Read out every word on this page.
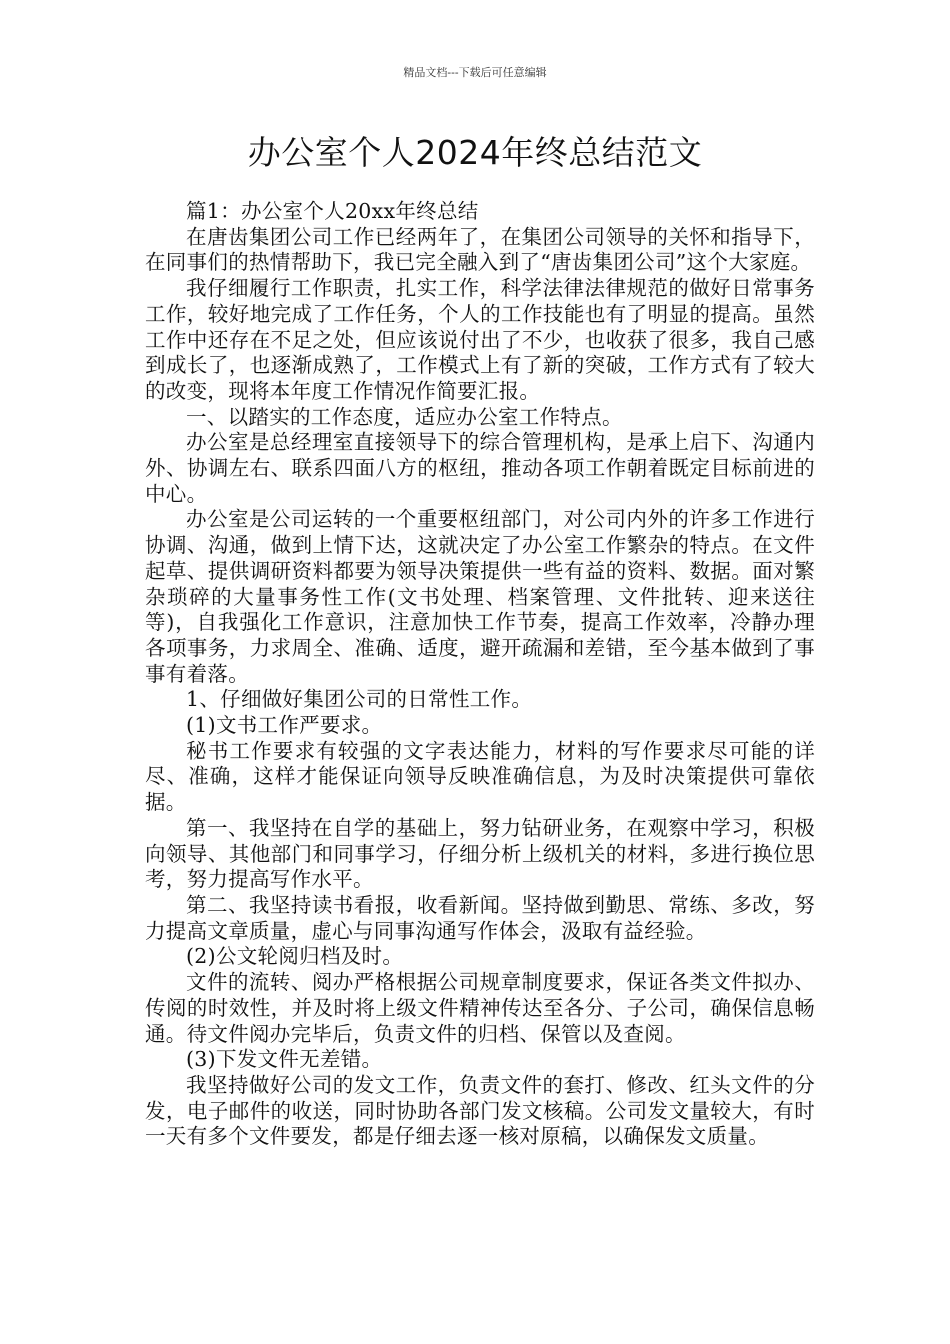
精品文档---下载后可任意编辑
办公室个人2024年终总结范文

篇1：办公室个人20xx年终总结

在唐齿集团公司工作已经两年了，在集团公司领导的关怀和指导下，在同事们的热情帮助下，我已完全融入到了“唐齿集团公司”这个大家庭。

我仔细履行工作职责，扎实工作，科学法律法律规范的做好日常事务工作，较好地完成了工作任务，个人的工作技能也有了明显的提高。虽然工作中还存在不足之处，但应该说付出了不少，也收获了很多，我自己感到成长了，也逐渐成熟了，工作模式上有了新的突破，工作方式有了较大的改变，现将本年度工作情况作简要汇报。

一、以踏实的工作态度，适应办公室工作特点。

办公室是总经理室直接领导下的综合管理机构，是承上启下、沟通内外、协调左右、联系四面八方的枢纽，推动各项工作朝着既定目标前进的中心。

办公室是公司运转的一个重要枢纽部门，对公司内外的许多工作进行协调、沟通，做到上情下达，这就决定了办公室工作繁杂的特点。在文件起草、提供调研资料都要为领导决策提供一些有益的资料、数据。面对繁杂琐碎的大量事务性工作(文书处理、档案管理、文件批转、迎来送往等)，自我强化工作意识，注意加快工作节奏，提高工作效率，冷静办理各项事务，力求周全、准确、适度，避开疏漏和差错，至今基本做到了事事有着落。

1、仔细做好集团公司的日常性工作。

(1)文书工作严要求。

秘书工作要求有较强的文字表达能力，材料的写作要求尽可能的详尽、准确，这样才能保证向领导反映准确信息，为及时决策提供可靠依据。

第一、我坚持在自学的基础上，努力钻研业务，在观察中学习，积极向领导、其他部门和同事学习，仔细分析上级机关的材料，多进行换位思考，努力提高写作水平。

第二、我坚持读书看报，收看新闻。坚持做到勤思、常练、多改，努力提高文章质量，虚心与同事沟通写作体会，汲取有益经验。

(2)公文轮阅归档及时。

文件的流转、阅办严格根据公司规章制度要求，保证各类文件拟办、传阅的时效性，并及时将上级文件精神传达至各分、子公司，确保信息畅通。待文件阅办完毕后，负责文件的归档、保管以及查阅。

(3)下发文件无差错。

我坚持做好公司的发文工作，负责文件的套打、修改、红头文件的分发，电子邮件的收送，同时协助各部门发文核稿。公司发文量较大，有时一天有多个文件要发，都是仔细去逐一核对原稿，以确保发文质量。
